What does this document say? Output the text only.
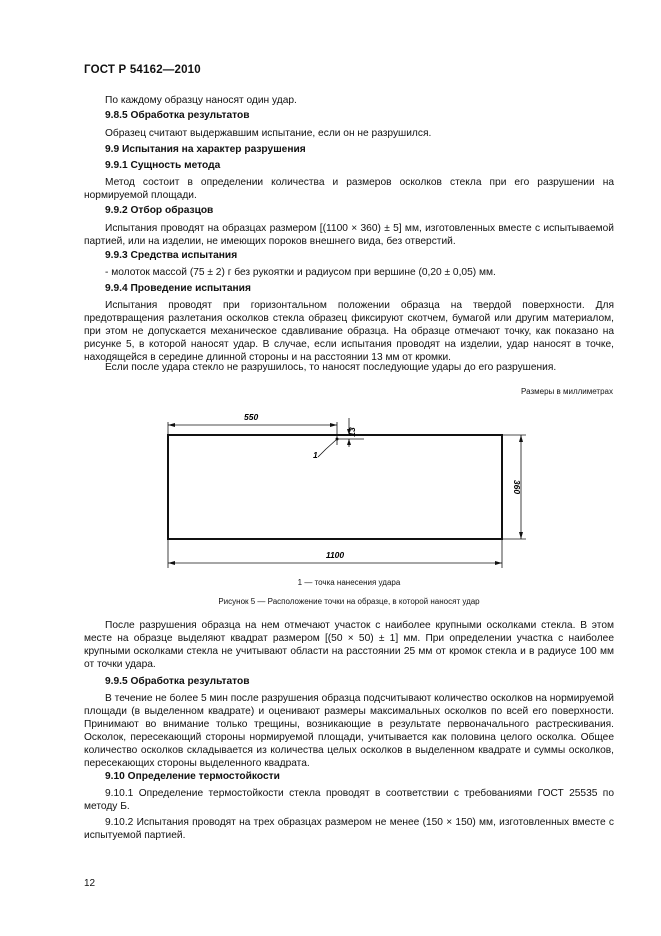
ГОСТ Р 54162—2010
По каждому образцу наносят один удар.
9.8.5 Обработка результатов
Образец считают выдержавшим испытание, если он не разрушился.
9.9 Испытания на характер разрушения
9.9.1 Сущность метода
Метод состоит в определении количества и размеров осколков стекла при его разрушении на нормируемой площади.
9.9.2 Отбор образцов
Испытания проводят на образцах размером [(1100 × 360) ± 5] мм, изготовленных вместе с испытываемой партией, или на изделии, не имеющих пороков внешнего вида, без отверстий.
9.9.3 Средства испытания
- молоток массой (75 ± 2) г без рукоятки и радиусом при вершине (0,20 ± 0,05) мм.
9.9.4 Проведение испытания
Испытания проводят при горизонтальном положении образца на твердой поверхности. Для предотвращения разлетания осколков стекла образец фиксируют скотчем, бумагой или другим материалом, при этом не допускается механическое сдавливание образца. На образце отмечают точку, как показано на рисунке 5, в которой наносят удар. В случае, если испытания проводят на изделии, удар наносят в точке, находящейся в середине длинной стороны и на расстоянии 13 мм от кромки.
Если после удара стекло не разрушилось, то наносят последующие удары до его разрушения.
Размеры в миллиметрах
550
13
360
1100
1
1 — точка нанесения удара
Рисунок 5 — Расположение точки на образце, в которой наносят удар
После разрушения образца на нем отмечают участок с наиболее крупными осколками стекла. В этом месте на образце выделяют квадрат размером [(50 × 50) ± 1] мм. При определении участка с наиболее крупными осколками стекла не учитывают области на расстоянии 25 мм от кромок стекла и в радиусе 100 мм от точки удара.
9.9.5 Обработка результатов
В течение не более 5 мин после разрушения образца подсчитывают количество осколков на нормируемой площади (в выделенном квадрате) и оценивают размеры максимальных осколков по всей его поверхности. Принимают во внимание только трещины, возникающие в результате первоначального растрескивания. Осколок, пересекающий стороны нормируемой площади, учитывается как половина целого осколка. Общее количество осколков складывается из количества целых осколков в выделенном квадрате и суммы осколков, пересекающих стороны выделенного квадрата.
9.10 Определение термостойкости
9.10.1 Определение термостойкости стекла проводят в соответствии с требованиями ГОСТ 25535 по методу Б.
9.10.2 Испытания проводят на трех образцах размером не менее (150 × 150) мм, изготовленных вместе с испытуемой партией.
12
